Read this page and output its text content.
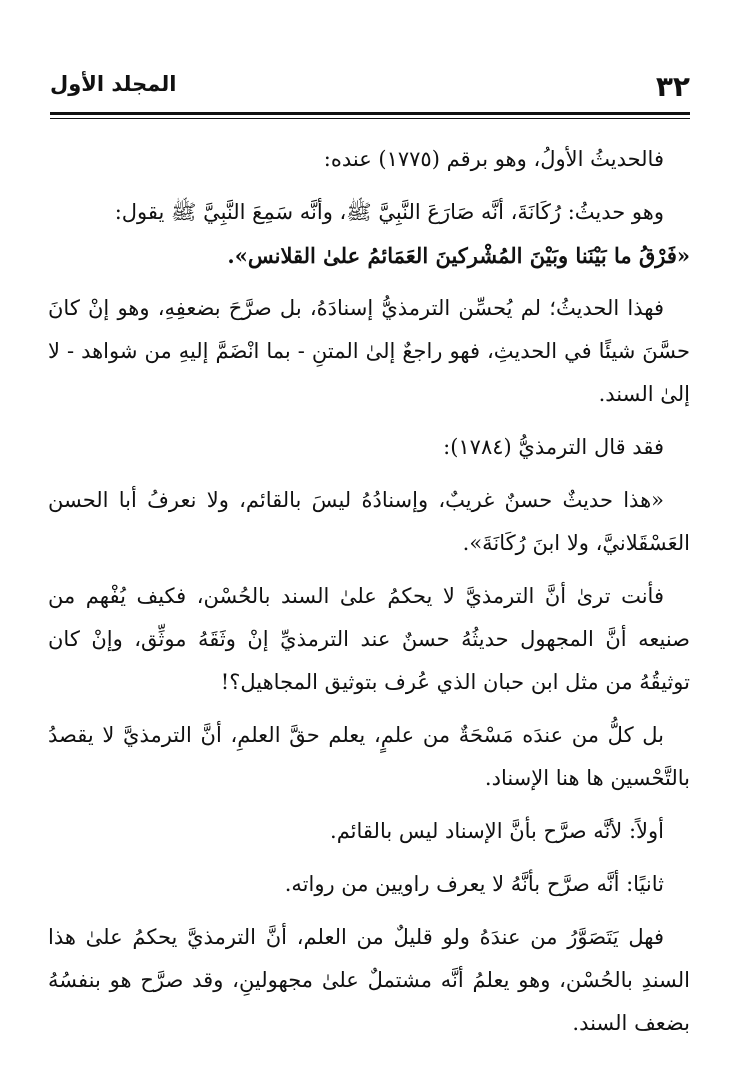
٣٢
المجلد الأول

فالحديثُ الأولُ، وهو برقم (١٧٧٥) عنده:

وهو حديثُ: رُكَانَةَ، أنَّه صَارَعَ النَّبِيَّ ﷺ، وأنَّه سَمِعَ النَّبِيَّ ﷺ يقول:

«فَرْقُ ما بَيْنَنا وبَيْنَ المُشْركينَ العَمَائمُ علىٰ القلانس».

فهذا الحديثُ؛ لم يُحسِّن الترمذيُّ إسنادَهُ، بل صرَّحَ بضعفِهِ، وهو إنْ كانَ حسَّنَ شيئًا في الحديثِ، فهو راجعٌ إلىٰ المتنِ - بما انْضَمَّ إليهِ من شواهد - لا إلىٰ السند.

فقد قال الترمذيُّ (١٧٨٤):

«هذا حديثٌ حسنٌ غريبٌ، وإسنادُهُ ليسَ بالقائم، ولا نعرفُ أبا الحسن العَسْقَلانيَّ، ولا ابنَ رُكَانَةَ».

فأنت ترىٰ أنَّ الترمذيَّ لا يحكمُ علىٰ السند بالحُسْن، فكيف يُفْهم من صنيعه أنَّ المجهول حديثُهُ حسنٌ عند الترمذيِّ إنْ وثَقَهُ موثِّق، وإنْ كان توثيقُهُ من مثل ابن حبان الذي عُرف بتوثيق المجاهيل؟!

بل كلُّ من عندَه مَسْحَةٌ من علمٍ، يعلم حقَّ العلمِ، أنَّ الترمذيَّ لا يقصدُ بالتَّحْسين ها هنا الإسناد.

أولاً: لأنَّه صرَّح بأنَّ الإسناد ليس بالقائم.

ثانيًا: أنَّه صرَّح بأنَّهُ لا يعرف راويين من رواته.

فهل يَتَصَوَّرُ من عندَهُ ولو قليلٌ من العلم، أنَّ الترمذيَّ يحكمُ علىٰ هذا السندِ بالحُسْن، وهو يعلمُ أنَّه مشتملٌ علىٰ مجهولينِ، وقد صرَّح هو بنفسُهُ بضعف السند.
